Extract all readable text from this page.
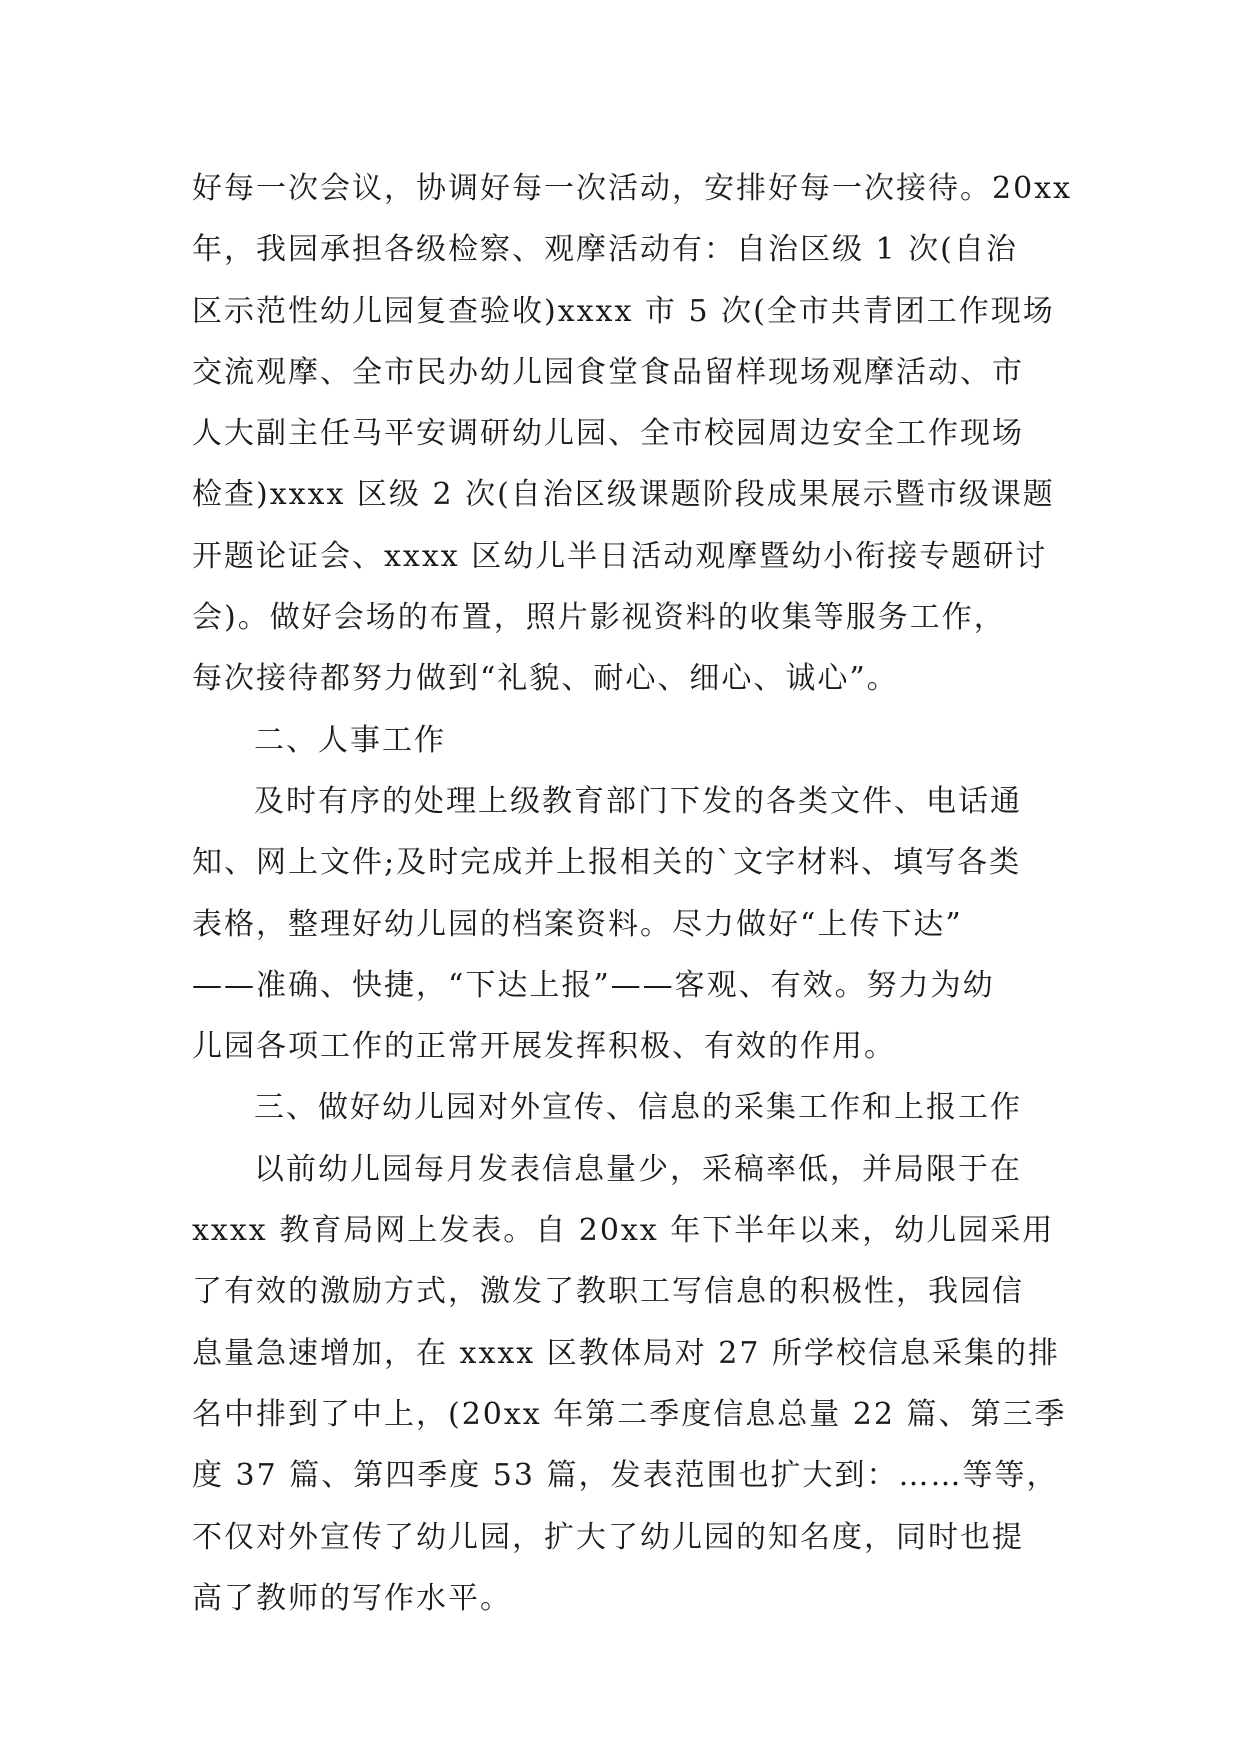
好每一次会议，协调好每一次活动，安排好每一次接待。20xx
年，我园承担各级检察、观摩活动有：自治区级 1 次(自治
区示范性幼儿园复查验收)xxxx 市 5 次(全市共青团工作现场
交流观摩、全市民办幼儿园食堂食品留样现场观摩活动、市
人大副主任马平安调研幼儿园、全市校园周边安全工作现场
检查)xxxx 区级 2 次(自治区级课题阶段成果展示暨市级课题
开题论证会、xxxx 区幼儿半日活动观摩暨幼小衔接专题研讨
会)。做好会场的布置，照片影视资料的收集等服务工作，
每次接待都努力做到“礼貌、耐心、细心、诚心”。

二、人事工作

及时有序的处理上级教育部门下发的各类文件、电话通
知、网上文件;及时完成并上报相关的`文字材料、填写各类
表格，整理好幼儿园的档案资料。尽力做好“上传下达”
——准确、快捷，“下达上报”——客观、有效。努力为幼
儿园各项工作的正常开展发挥积极、有效的作用。

三、做好幼儿园对外宣传、信息的采集工作和上报工作

以前幼儿园每月发表信息量少，采稿率低，并局限于在
xxxx 教育局网上发表。自 20xx 年下半年以来，幼儿园采用
了有效的激励方式，激发了教职工写信息的积极性，我园信
息量急速增加，在 xxxx 区教体局对 27 所学校信息采集的排
名中排到了中上，(20xx 年第二季度信息总量 22 篇、第三季
度 37 篇、第四季度 53 篇，发表范围也扩大到：……等等，
不仅对外宣传了幼儿园，扩大了幼儿园的知名度，同时也提
高了教师的写作水平。
